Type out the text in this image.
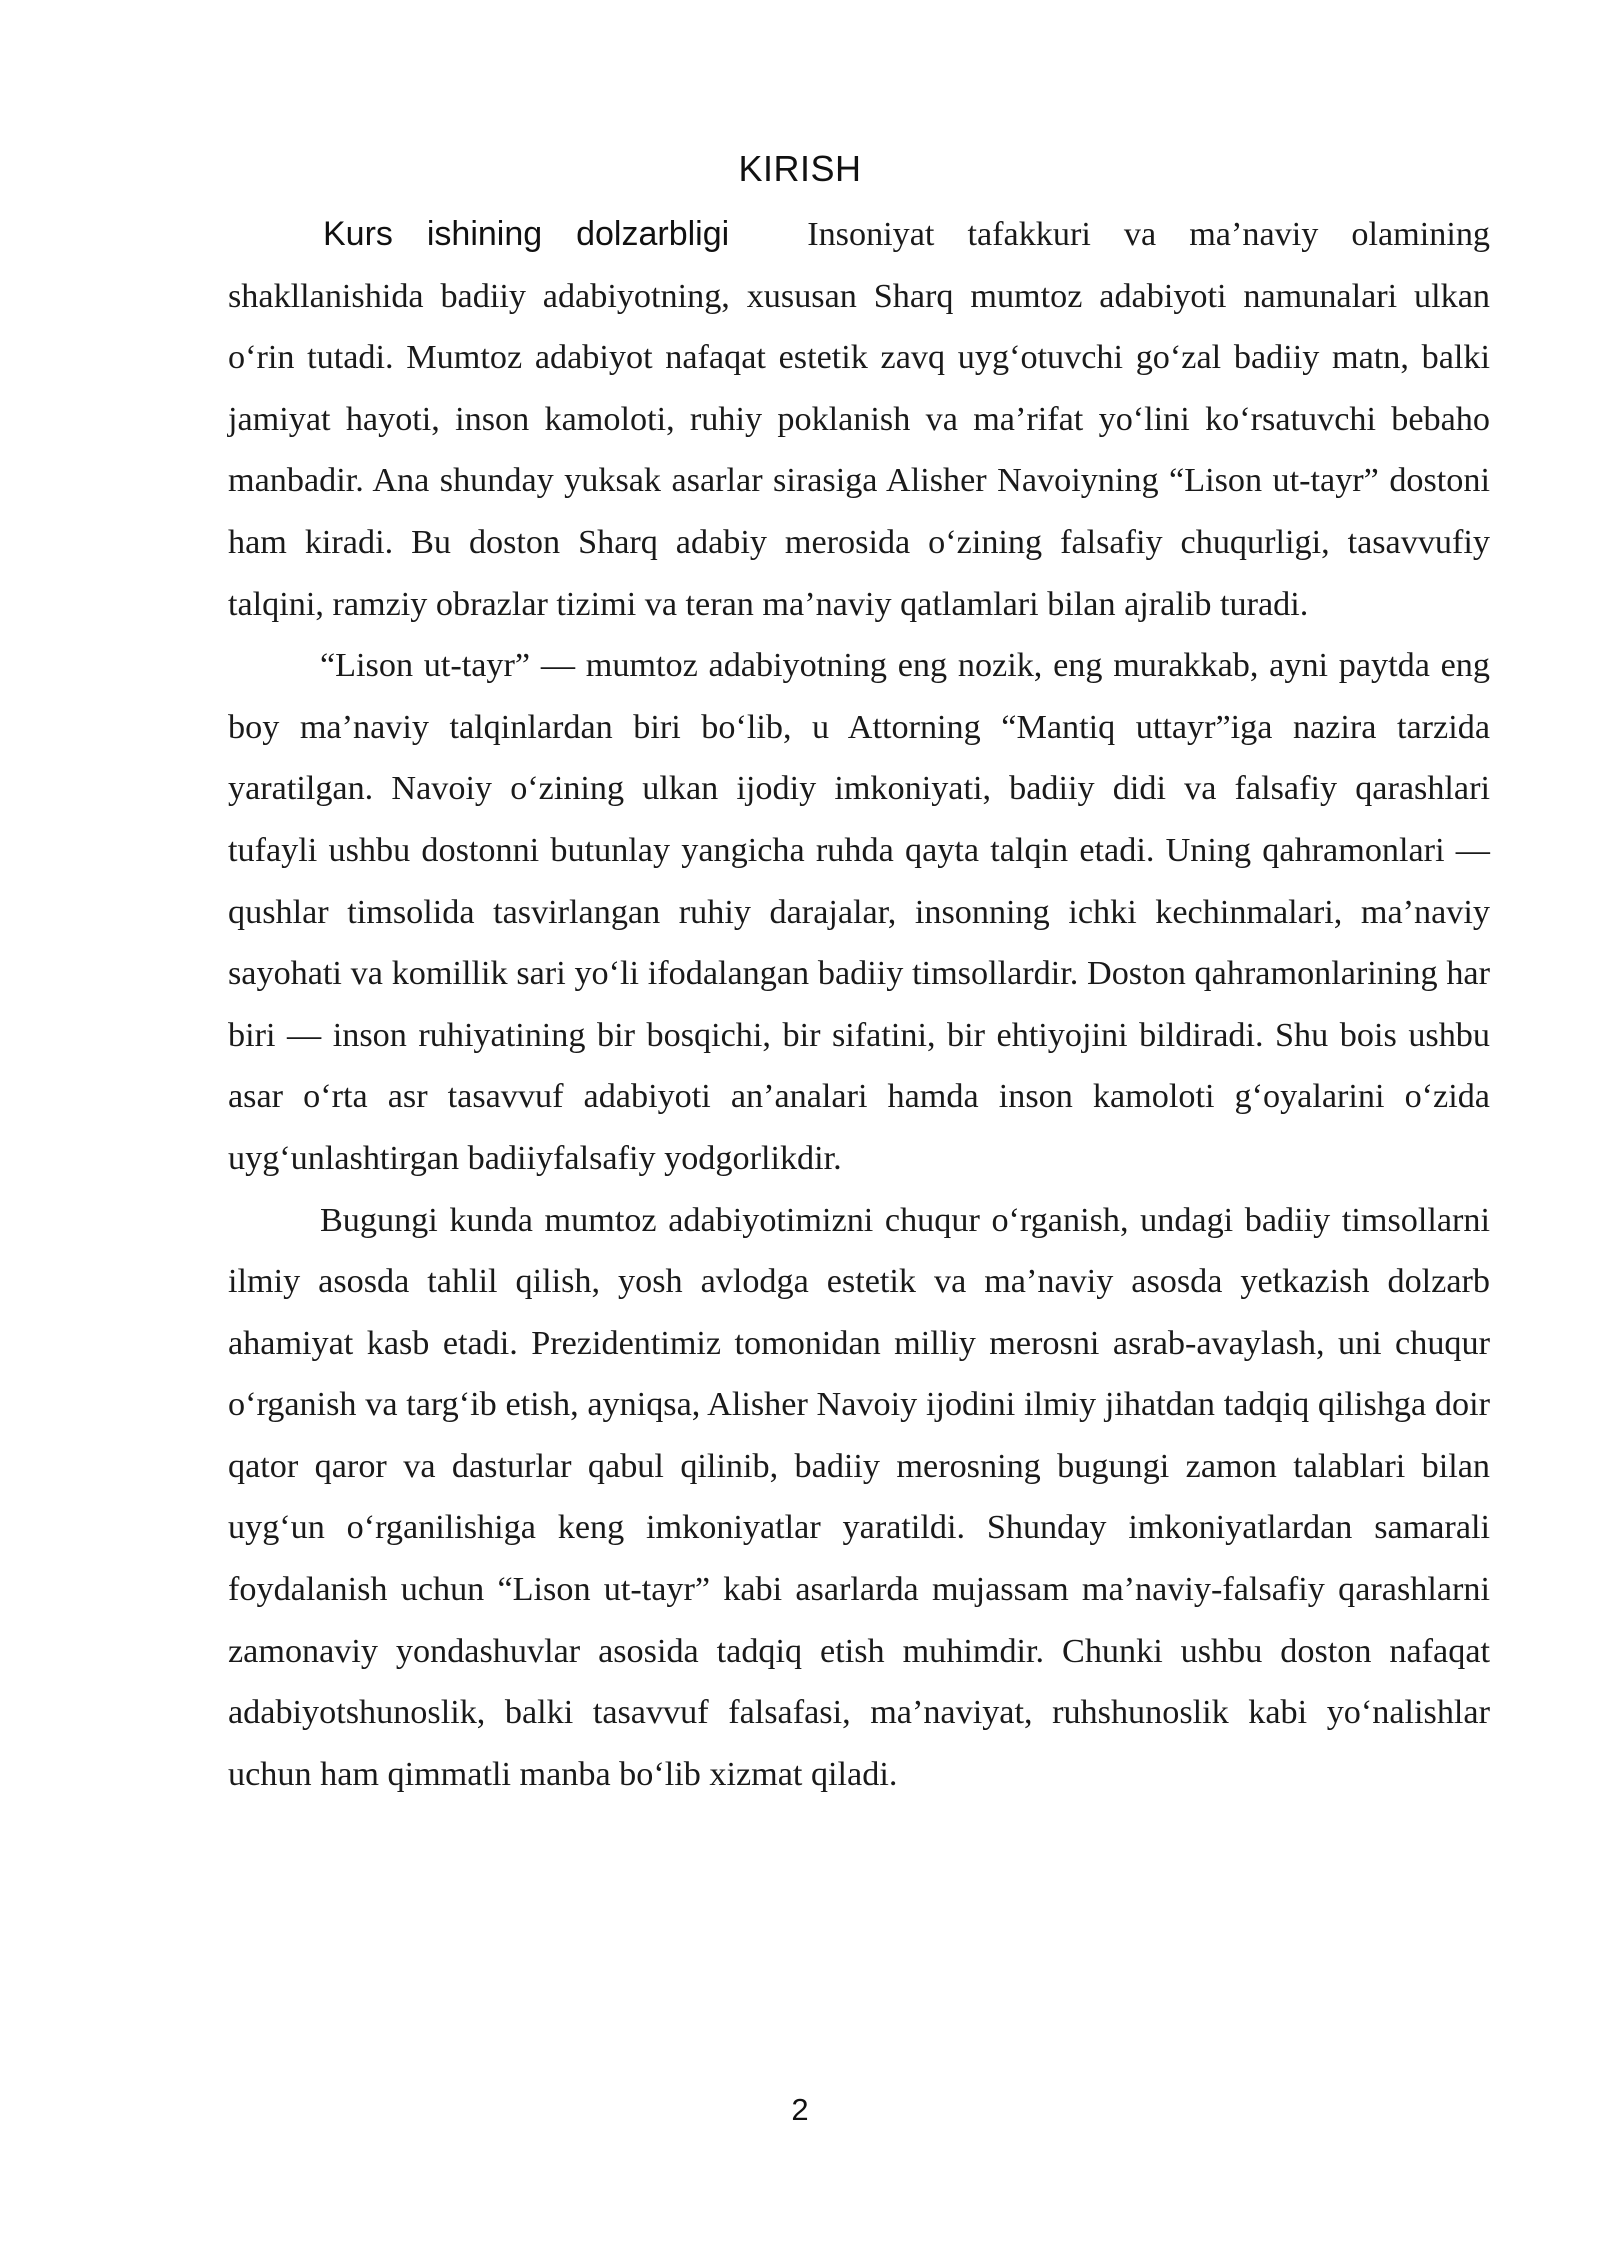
KIRISH

Kurs ishining dolzarbligi Insoniyat tafakkuri va ma’naviy olamining shakllanishida badiiy adabiyotning, xususan Sharq mumtoz adabiyoti namunalari ulkan o‘rin tutadi. Mumtoz adabiyot nafaqat estetik zavq uyg‘otuvchi go‘zal badiiy matn, balki jamiyat hayoti, inson kamoloti, ruhiy poklanish va ma’rifat yo‘lini ko‘rsatuvchi bebaho manbadir. Ana shunday yuksak asarlar sirasiga Alisher Navoiyning “Lison ut-tayr” dostoni ham kiradi. Bu doston Sharq adabiy merosida o‘zining falsafiy chuqurligi, tasavvufiy talqini, ramziy obrazlar tizimi va teran ma’naviy qatlamlari bilan ajralib turadi.

“Lison ut-tayr” — mumtoz adabiyotning eng nozik, eng murakkab, ayni paytda eng boy ma’naviy talqinlardan biri bo‘lib, u Attorning “Mantiq uttayr”iga nazira tarzida yaratilgan. Navoiy o‘zining ulkan ijodiy imkoniyati, badiiy didi va falsafiy qarashlari tufayli ushbu dostonni butunlay yangicha ruhda qayta talqin etadi. Uning qahramonlari — qushlar timsolida tasvirlangan ruhiy darajalar, insonning ichki kechinmalari, ma’naviy sayohati va komillik sari yo‘li ifodalangan badiiy timsollardir. Doston qahramonlarining har biri — inson ruhiyatining bir bosqichi, bir sifatini, bir ehtiyojini bildiradi. Shu bois ushbu asar o‘rta asr tasavvuf adabiyoti an’analari hamda inson kamoloti g‘oyalarini o‘zida uyg‘unlashtirgan badiiyfalsafiy yodgorlikdir.

Bugungi kunda mumtoz adabiyotimizni chuqur o‘rganish, undagi badiiy timsollarni ilmiy asosda tahlil qilish, yosh avlodga estetik va ma’naviy asosda yetkazish dolzarb ahamiyat kasb etadi. Prezidentimiz tomonidan milliy merosni asrab-avaylash, uni chuqur o‘rganish va targ‘ib etish, ayniqsa, Alisher Navoiy ijodini ilmiy jihatdan tadqiq qilishga doir qator qaror va dasturlar qabul qilinib, badiiy merosning bugungi zamon talablari bilan uyg‘un o‘rganilishiga keng imkoniyatlar yaratildi. Shunday imkoniyatlardan samarali foydalanish uchun “Lison ut-tayr” kabi asarlarda mujassam ma’naviy-falsafiy qarashlarni zamonaviy yondashuvlar asosida tadqiq etish muhimdir. Chunki ushbu doston nafaqat adabiyotshunoslik, balki tasavvuf falsafasi, ma’naviyat, ruhshunoslik kabi yo‘nalishlar uchun ham qimmatli manba bo‘lib xizmat qiladi.

2
